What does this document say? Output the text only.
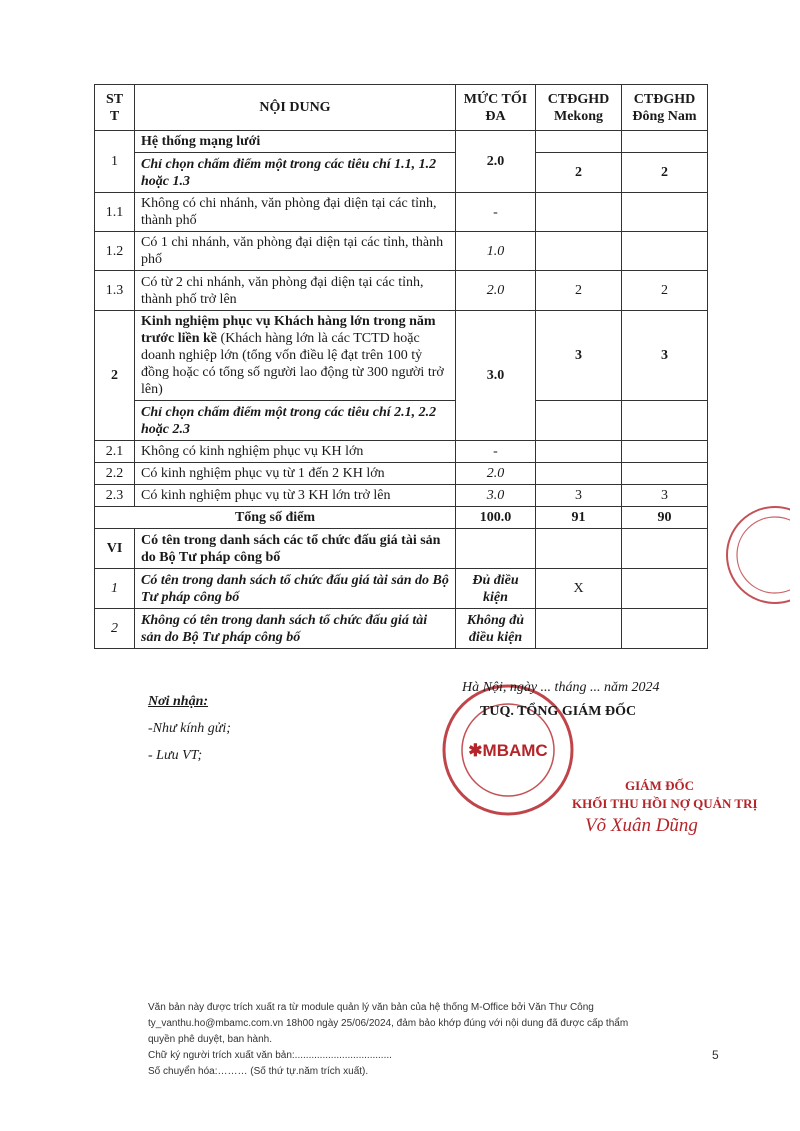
ST T	NỘI DUNG	MỨC TỐI ĐA	CTĐGHD Mekong	CTĐGHD Đông Nam
1	Hệ thống mạng lưới	2.0		
	Chỉ chọn chấm điểm một trong các tiêu chí 1.1, 1.2 hoặc 1.3		2	2
1.1	Không có chi nhánh, văn phòng đại diện tại các tỉnh, thành phố	-		
1.2	Có 1 chi nhánh, văn phòng đại diện tại các tỉnh, thành phố	1.0		
1.3	Có từ 2 chi nhánh, văn phòng đại diện tại các tỉnh, thành phố trở lên	2.0	2	2
2	Kinh nghiệm phục vụ Khách hàng lớn trong năm trước liền kề (Khách hàng lớn là các TCTD hoặc doanh nghiệp lớn (tổng vốn điều lệ đạt trên 100 tỷ đồng hoặc có tổng số người lao động từ 300 người trở lên)	3.0	3	3
	Chỉ chọn chấm điểm một trong các tiêu chí 2.1, 2.2 hoặc 2.3			
2.1	Không có kinh nghiệm phục vụ KH lớn	-		
2.2	Có kinh nghiệm phục vụ từ 1 đến 2 KH lớn	2.0		
2.3	Có kinh nghiệm phục vụ từ 3 KH lớn trở lên	3.0	3	3
Tổng số điểm		100.0	91	90
VI	Có tên trong danh sách các tổ chức đấu giá tài sản do Bộ Tư pháp công bố			
1	Có tên trong danh sách tổ chức đấu giá tài sản do Bộ Tư pháp công bố	Đủ điều kiện	X	
2	Không có tên trong danh sách tổ chức đấu giá tài sản do Bộ Tư pháp công bố	Không đủ điều kiện		
Nơi nhận:
-Như kính gửi;
- Lưu VT;	✱MBAMC
Hà Nội, ngày ... tháng ... năm 2024
TUQ. TỔNG GIÁM ĐỐC
GIÁM ĐỐC
KHỐI THU HỒI NỢ QUẢN TRỊ
Võ Xuân Dũng
Văn bản này được trích xuất ra từ module quản lý văn bản của hệ thống M-Office bởi Văn Thư Công
ty_vanthu.ho@mbamc.com.vn 18h00 ngày 25/06/2024, đảm bảo khớp đúng với nội dung đã được cấp thẩm
quyền phê duyệt, ban hành.
Chữ ký người trích xuất văn bản:...................................
Số chuyển hóa:……… (Số thứ tự.năm trích xuất).
5
